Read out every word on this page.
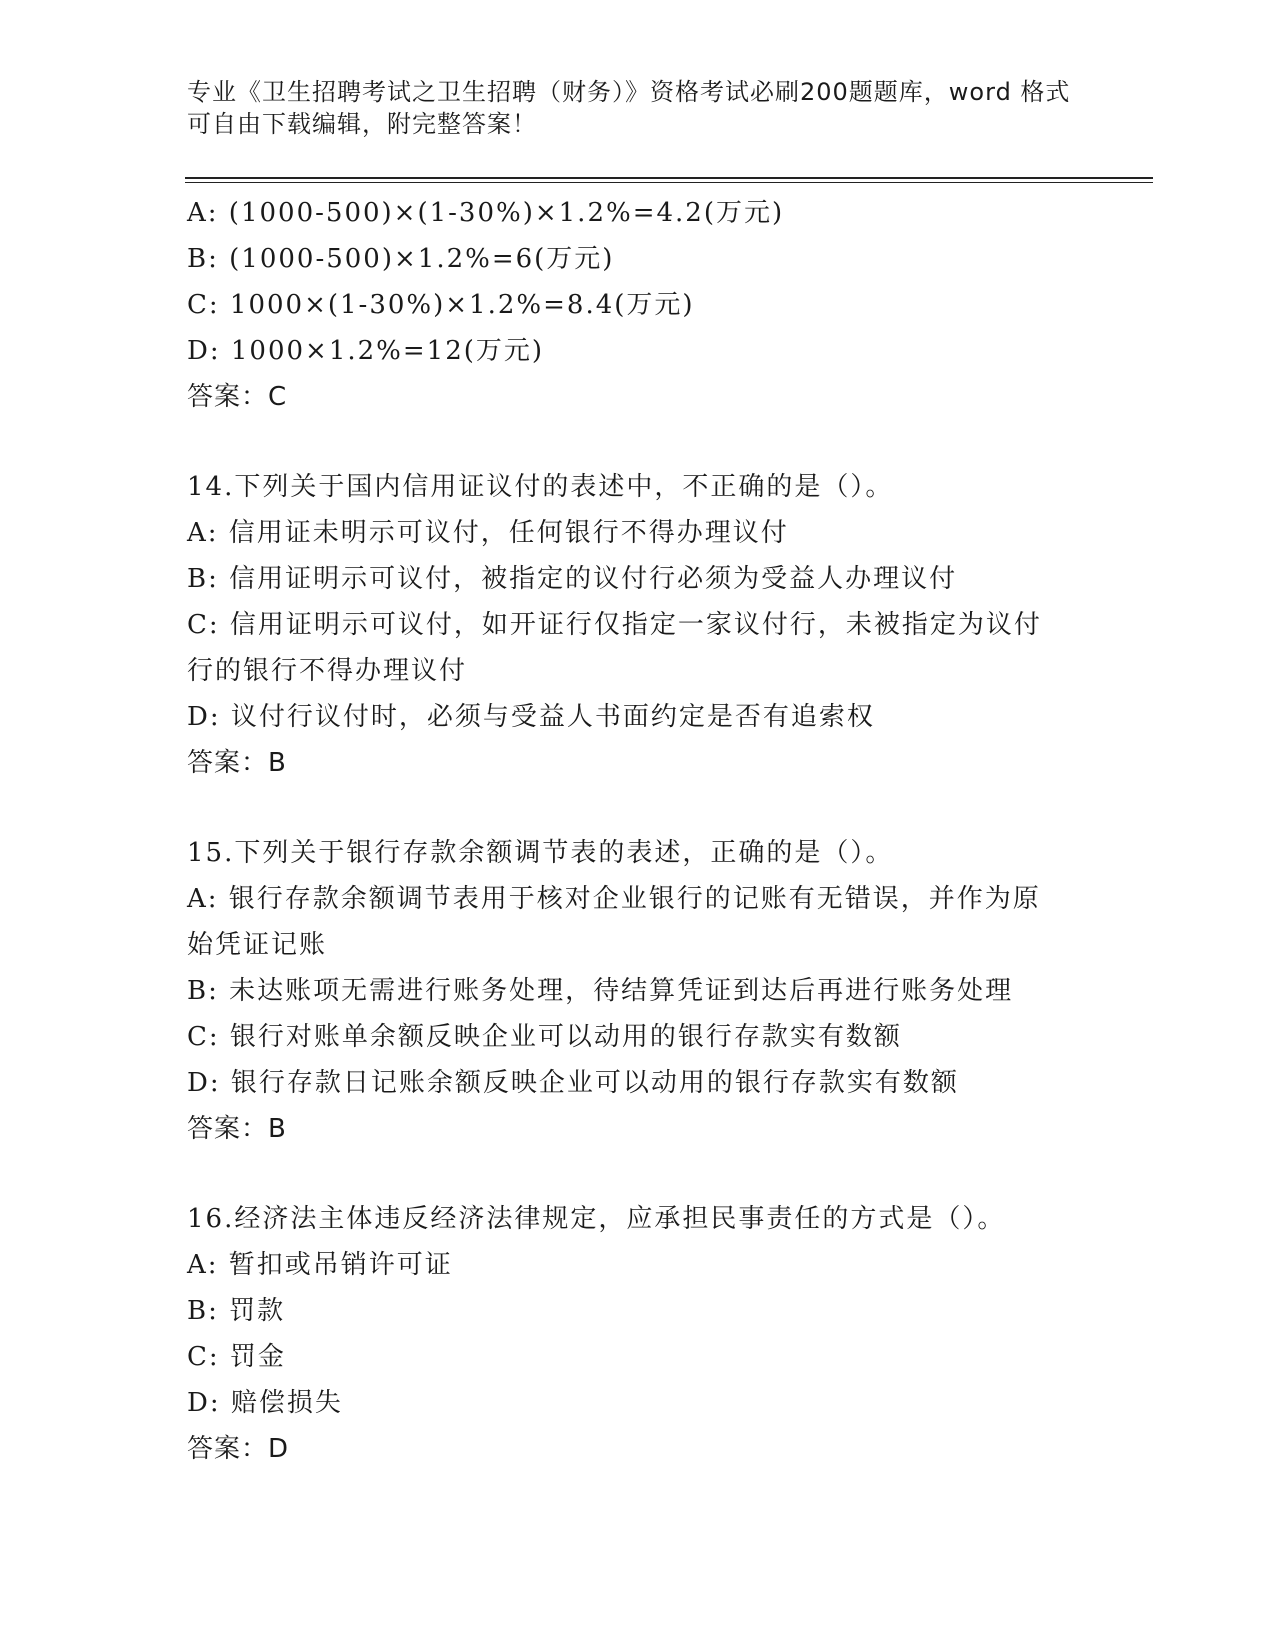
专业《卫生招聘考试之卫生招聘（财务）》资格考试必刷200题题库，word 格式
可自由下载编辑，附完整答案！
A: (1000-500)×(1-30%)×1.2%=4.2(万元)
B: (1000-500)×1.2%=6(万元)
C: 1000×(1-30%)×1.2%=8.4(万元)
D: 1000×1.2%=12(万元)
答案：C
14.下列关于国内信用证议付的表述中，不正确的是（）。
A: 信用证未明示可议付，任何银行不得办理议付
B: 信用证明示可议付，被指定的议付行必须为受益人办理议付
C: 信用证明示可议付，如开证行仅指定一家议付行，未被指定为议付
行的银行不得办理议付
D: 议付行议付时，必须与受益人书面约定是否有追索权
答案：B
15.下列关于银行存款余额调节表的表述，正确的是（）。
A: 银行存款余额调节表用于核对企业银行的记账有无错误，并作为原
始凭证记账
B: 未达账项无需进行账务处理，待结算凭证到达后再进行账务处理
C: 银行对账单余额反映企业可以动用的银行存款实有数额
D: 银行存款日记账余额反映企业可以动用的银行存款实有数额
答案：B
16.经济法主体违反经济法律规定，应承担民事责任的方式是（）。
A: 暂扣或吊销许可证
B: 罚款
C: 罚金
D: 赔偿损失
答案：D
